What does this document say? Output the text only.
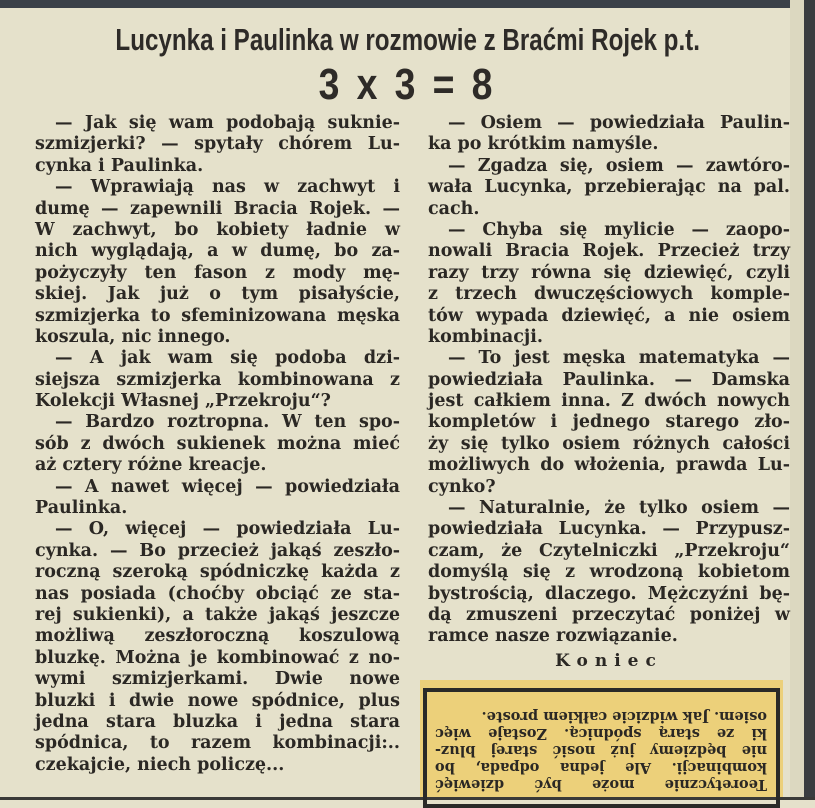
Lucynka i Paulinka w rozmowie z Braćmi Rojek p.t.
3 x 3 = 8
— Jak się wam podobają suknie-
szmizjerki? — spytały chórem Lu-
cynka i Paulinka.
— Wprawiają nas w zachwyt i
dumę — zapewnili Bracia Rojek. —
W zachwyt, bo kobiety ładnie w
nich wyglądają, a w dumę, bo za-
pożyczyły ten fason z mody mę-
skiej. Jak już o tym pisałyście,
szmizjerka to sfeminizowana męska
koszula, nic innego.
— A jak wam się podoba dzi-
siejsza szmizjerka kombinowana z
Kolekcji Własnej „Przekroju“?
— Bardzo roztropna. W ten spo-
sób z dwóch sukienek można mieć
aż cztery różne kreacje.
— A nawet więcej — powiedziała
Paulinka.
— O, więcej — powiedziała Lu-
cynka. — Bo przecież jakąś zeszło-
roczną szeroką spódniczkę każda z
nas posiada (choćby obciąć ze sta-
rej sukienki), a także jakąś jeszcze
możliwą zeszłoroczną koszulową
bluzkę. Można je kombinować z no-
wymi szmizjerkami. Dwie nowe
bluzki i dwie nowe spódnice, plus
jedna stara bluzka i jedna stara
spódnica, to razem kombinacji:..
czekajcie, niech policzę...
— Osiem — powiedziała Paulin-
ka po krótkim namyśle.
— Zgadza się, osiem — zawtóro-
wała Lucynka, przebierając na pal.
cach.
— Chyba się mylicie — zaopo-
nowali Bracia Rojek. Przecież trzy
razy trzy równa się dziewięć, czyli
z trzech dwuczęściowych komple-
tów wypada dziewięć, a nie osiem
kombinacji.
— To jest męska matematyka —
powiedziała Paulinka. — Damska
jest całkiem inna. Z dwóch nowych
kompletów i jednego starego zło-
ży się tylko osiem różnych całości
możliwych do włożenia, prawda Lu-
cynko?
— Naturalnie, że tylko osiem —
powiedziała Lucynka. — Przypusz-
czam, że Czytelniczki „Przekroju“
domyślą się z wrodzoną kobietom
bystrością, dlaczego. Mężczyźni bę-
dą zmuszeni przeczytać poniżej w
ramce nasze rozwiązanie.
Koniec
Teoretycznie może być dziewięć
kombinacji. Ale jedna odpada, bo
nie będziemy już nosić starej bluz-
ki ze starą spódnicą. Zostaje więc
osiem. Jak widzicie całkiem proste.
